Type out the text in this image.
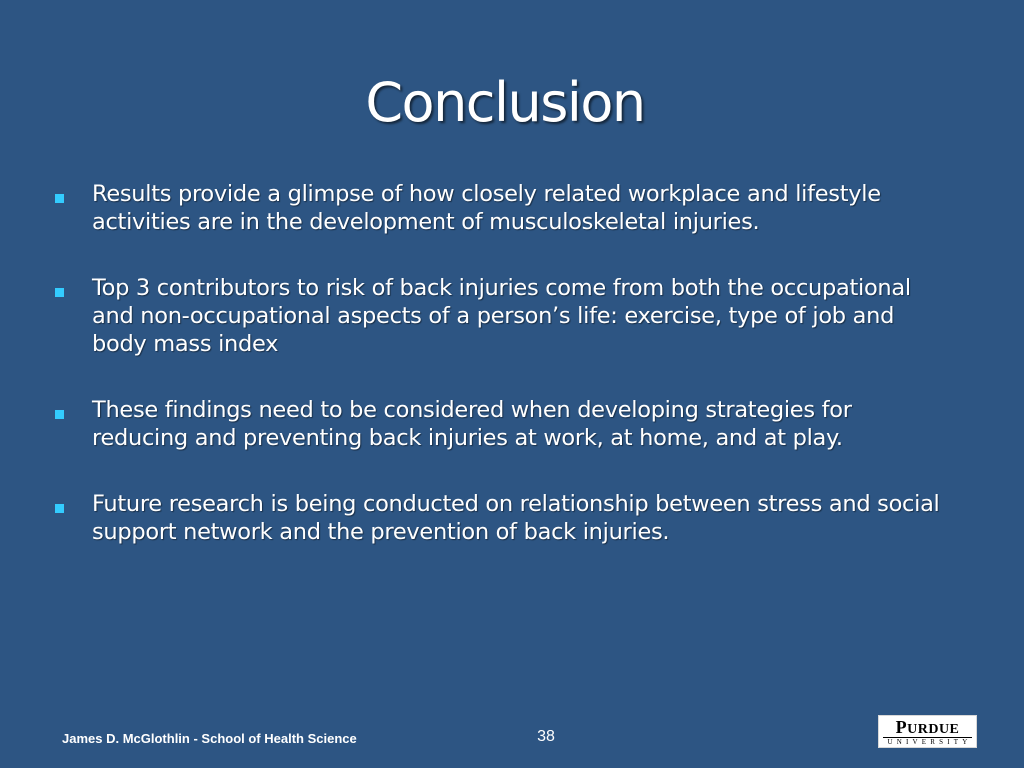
Conclusion
Results provide a glimpse of how closely related workplace and lifestyle activities are in the development of musculoskeletal injuries.
Top 3 contributors to risk of back injuries come from both the occupational and non-occupational aspects of a person’s life: exercise, type of job and body mass index
These findings need to be considered when developing strategies for reducing and preventing back injuries at work, at home, and at play.
Future research is being conducted on relationship between stress and social support network and the prevention of back injuries.
James D. McGlothlin - School of Health Science	38	PURDUE
UNIVERSITY
